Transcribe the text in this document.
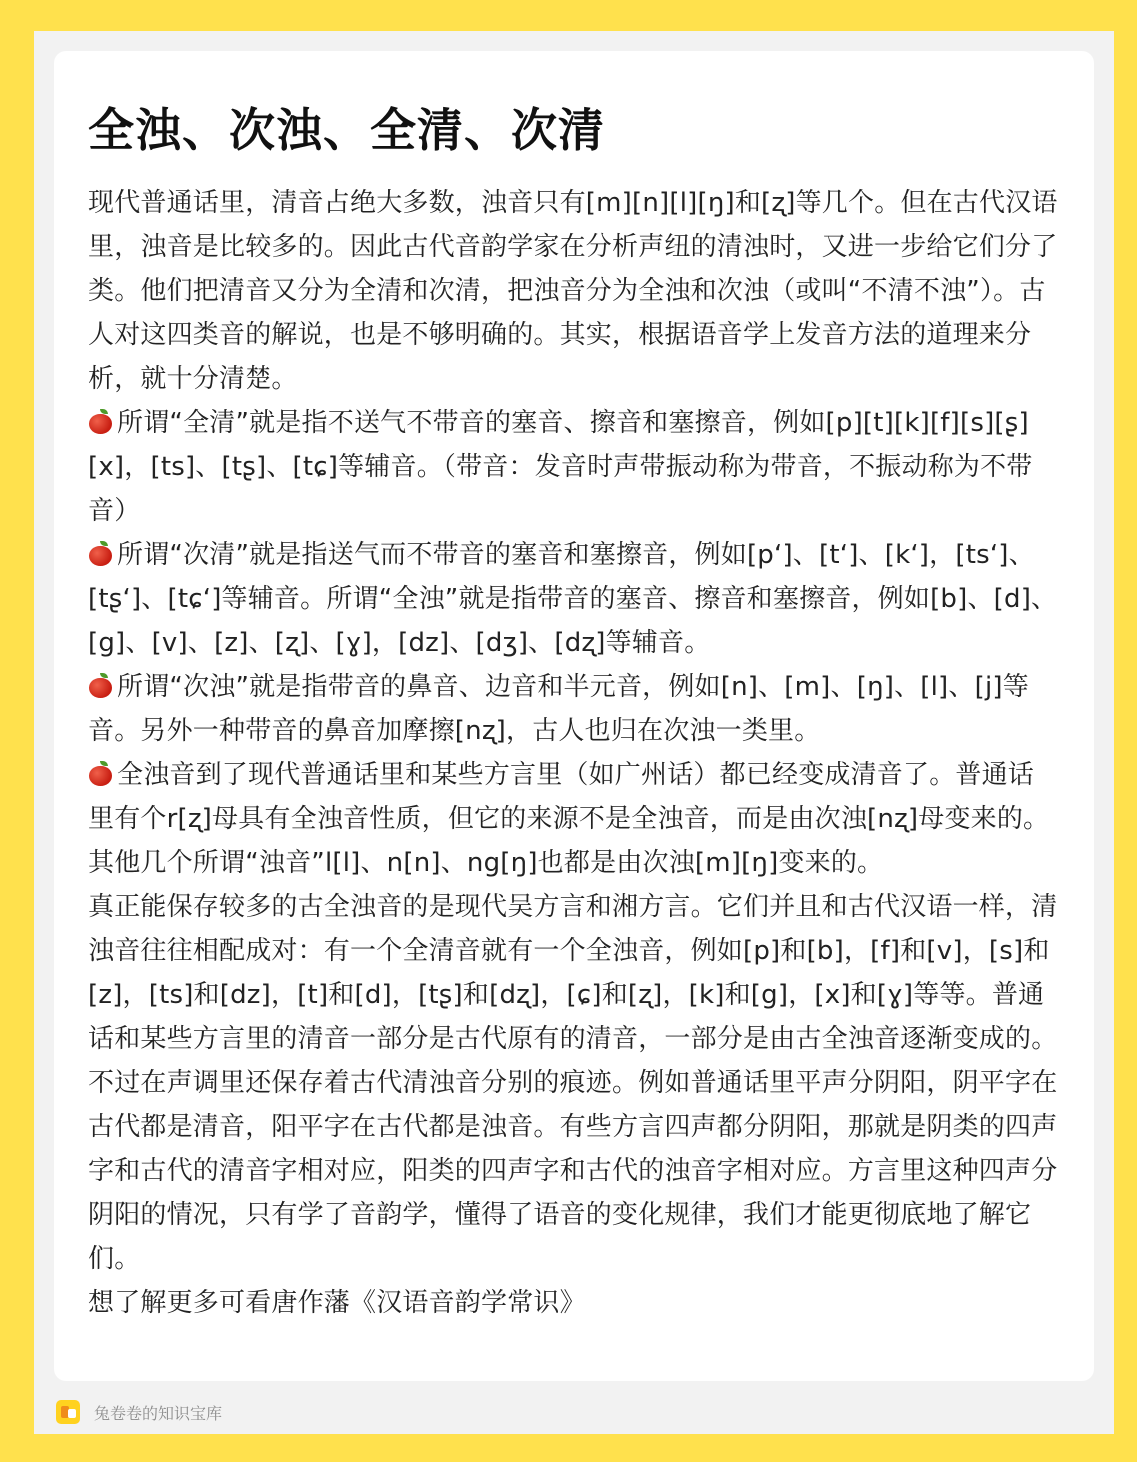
全浊、次浊、全清、次清

现代普通话里，清音占绝大多数，浊音只有[m][n][l][ŋ]和[ʐ]等几个。但在古代汉语里，浊音是比较多的。因此古代音韵学家在分析声纽的清浊时，又进一步给它们分了类。他们把清音又分为全清和次清，把浊音分为全浊和次浊（或叫“不清不浊”）。古人对这四类音的解说，也是不够明确的。其实，根据语音学上发音方法的道理来分析，就十分清楚。

所谓“全清”就是指不送气不带音的塞音、擦音和塞擦音，例如[p][t][k][f][s][ʂ][x]，[ts]、[tʂ]、[tɕ]等辅音。（带音：发音时声带振动称为带音，不振动称为不带音）

所谓“次清”就是指送气而不带音的塞音和塞擦音，例如[p‘]、[t‘]、[k‘]，[ts‘]、[tʂ‘]、[tɕ‘]等辅音。所谓“全浊”就是指带音的塞音、擦音和塞擦音，例如[b]、[d]、[g]、[v]、[z]、[ʐ]、[ɣ]，[dz]、[dʒ]、[dʐ]等辅音。

所谓“次浊”就是指带音的鼻音、边音和半元音，例如[n]、[m]、[ŋ]、[l]、[j]等音。另外一种带音的鼻音加摩擦[nʐ]，古人也归在次浊一类里。

全浊音到了现代普通话里和某些方言里（如广州话）都已经变成清音了。普通话里有个r[ʐ]母具有全浊音性质，但它的来源不是全浊音，而是由次浊[nʐ]母变来的。其他几个所谓“浊音”l[l]、n[n]、ng[ŋ]也都是由次浊[m][ŋ]变来的。

真正能保存较多的古全浊音的是现代吴方言和湘方言。它们并且和古代汉语一样，清浊音往往相配成对：有一个全清音就有一个全浊音，例如[p]和[b]，[f]和[v]，[s]和[z]，[ts]和[dz]，[t]和[d]，[tʂ]和[dʐ]，[ɕ]和[ʐ]，[k]和[g]，[x]和[ɣ]等等。普通话和某些方言里的清音一部分是古代原有的清音，一部分是由古全浊音逐渐变成的。

不过在声调里还保存着古代清浊音分别的痕迹。例如普通话里平声分阴阳，阴平字在古代都是清音，阳平字在古代都是浊音。有些方言四声都分阴阳，那就是阴类的四声字和古代的清音字相对应，阳类的四声字和古代的浊音字相对应。方言里这种四声分阴阳的情况，只有学了音韵学，懂得了语音的变化规律，我们才能更彻底地了解它们。

想了解更多可看唐作藩《汉语音韵学常识》

兔卷卷的知识宝库
